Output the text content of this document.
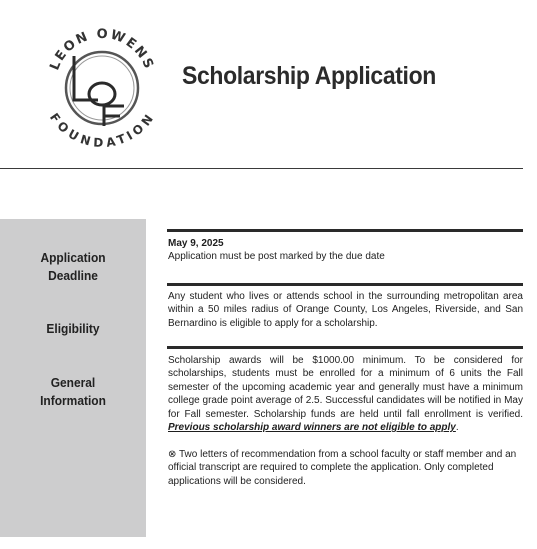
LEON OWENS
FOUNDATION
Scholarship Application
Application
Deadline
Eligibility
General
Information
May 9, 2025
Application must be post marked by the due date
Any student who lives or attends school in the surrounding metropolitan area within a 50 miles radius of Orange County, Los Angeles, Riverside, and San Bernardino is eligible to apply for a scholarship.
Scholarship awards will be $1000.00 minimum. To be considered for scholarships, students must be enrolled for a minimum of 6 units the Fall semester of the upcoming academic year and generally must have a minimum college grade point average of 2.5. Successful candidates will be notified in May for Fall semester. Scholarship funds are held until fall enrollment is verified. Previous scholarship award winners are not eligible to apply.
⊗ Two letters of recommendation from a school faculty or staff member and an official transcript are required to complete the application. Only completed applications will be considered.
